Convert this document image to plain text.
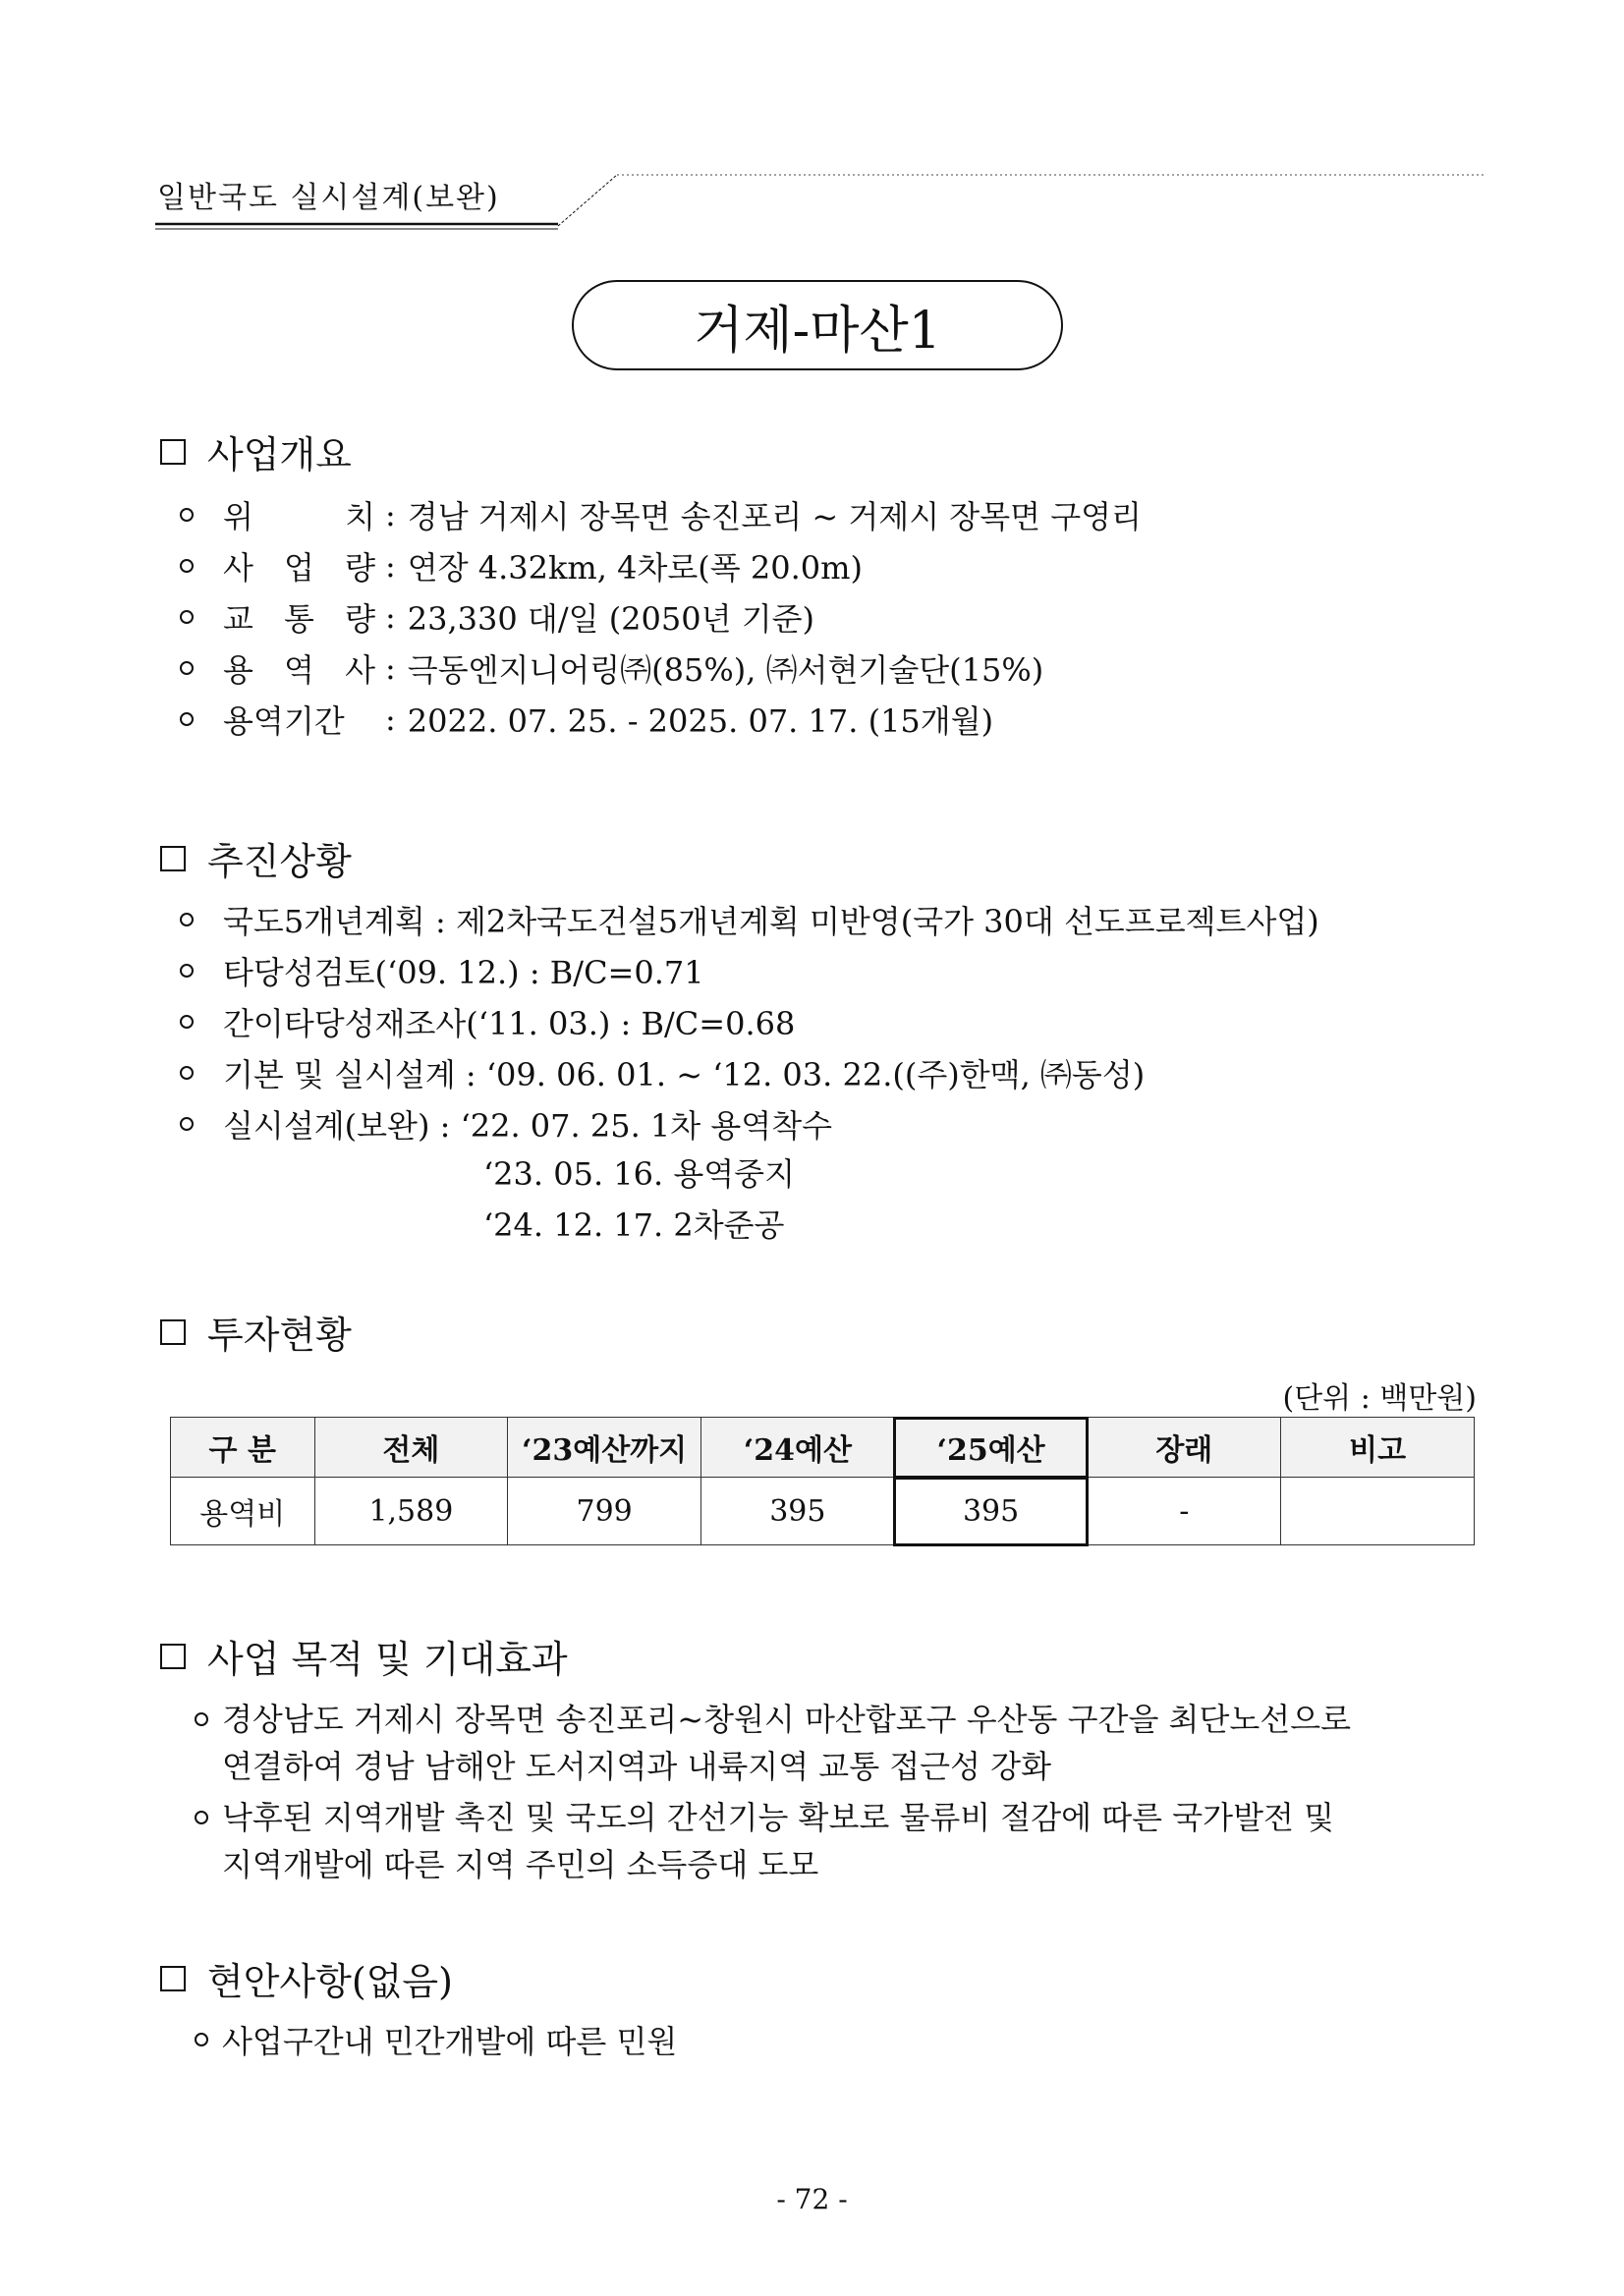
일반국도 실시설계(보완)
거제-마산1
사업개요
위 치 : 경남 거제시 장목면 송진포리 ~ 거제시 장목면 구영리
사 업 량 : 연장 4.32km, 4차로(폭 20.0m)
교 통 량 : 23,330 대/일 (2050년 기준)
용 역 사 : 극동엔지니어링㈜(85%), ㈜서현기술단(15%)
용역기간	: 2022. 07. 25. - 2025. 07. 17. (15개월)
추진상황
국도5개년계획 : 제2차국도건설5개년계획 미반영(국가 30대 선도프로젝트사업)
타당성검토(‘09. 12.) : B/C=0.71
간이타당성재조사(‘11. 03.) : B/C=0.68
기본 및 실시설계 : ‘09. 06. 01. ~ ‘12. 03. 22.((주)한맥, ㈜동성)
실시설계(보완) : ‘22. 07. 25. 1차 용역착수
‘23. 05. 16. 용역중지
‘24. 12. 17. 2차준공
투자현황
(단위 : 백만원)
구 분	전체	‘23예산까지	‘24예산	‘25예산	장래	비고
용역비	1,589	799	395	395	-	
사업 목적 및 기대효과
경상남도 거제시 장목면 송진포리~창원시 마산합포구 우산동 구간을 최단노선으로
연결하여 경남 남해안 도서지역과 내륙지역 교통 접근성 강화
낙후된 지역개발 촉진 및 국도의 간선기능 확보로 물류비 절감에 따른 국가발전 및
지역개발에 따른 지역 주민의 소득증대 도모
현안사항(없음)
사업구간내 민간개발에 따른 민원
- 72 -
